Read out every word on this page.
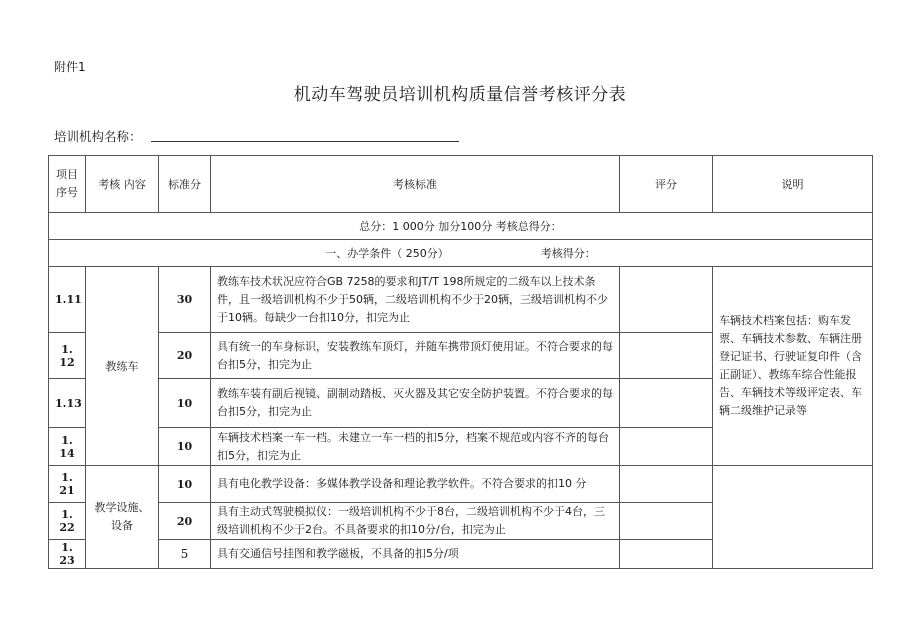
附件1
机动车驾驶员培训机构质量信誉考核评分表
培训机构名称：
项目序号	考核 内容	标准分	考核标准	评分	说明
总分：1 000分 加分100分 考核总得分：					
一、办学条件（ 250分） 考核得分：					
1.11	教练车	30	教练车技术状况应符合GB 7258的要求和JT/T 198所规定的二级车以上技术条件，且一级培训机构不少于50辆，二级培训机构不少于20辆，三级培训机构不少于10辆。每缺少一台扣10分，扣完为止		车辆技术档案包括：购车发票、车辆技术参数、车辆注册登记证书、行驶证复印件（含正副证）、教练车综合性能报告、车辆技术等级评定表、车辆二级维护记录等
1. 12		20	具有统一的车身标识，安装教练车顶灯，并随车携带顶灯使用证。不符合要求的每台扣5分，扣完为止		
1.13		10	教练车装有副后视镜、副制动踏板、灭火器及其它安全防护装置。不符合要求的每台扣5分，扣完为止		
1. 14		10	车辆技术档案一车一档。未建立一车一档的扣5分，档案不规范或内容不齐的每台扣5分，扣完为止		
1. 21	教学设施、设备	10	具有电化教学设备：多媒体教学设备和理论教学软件。不符合要求的扣10 分		
1. 22		20	具有主动式驾驶模拟仪：一级培训机构不少于8台，二级培训机构不少于4台，三级培训机构不少于2台。不具备要求的扣10分/台，扣完为止		
1. 23		5	具有交通信号挂图和教学磁板，不具备的扣5分/项		
